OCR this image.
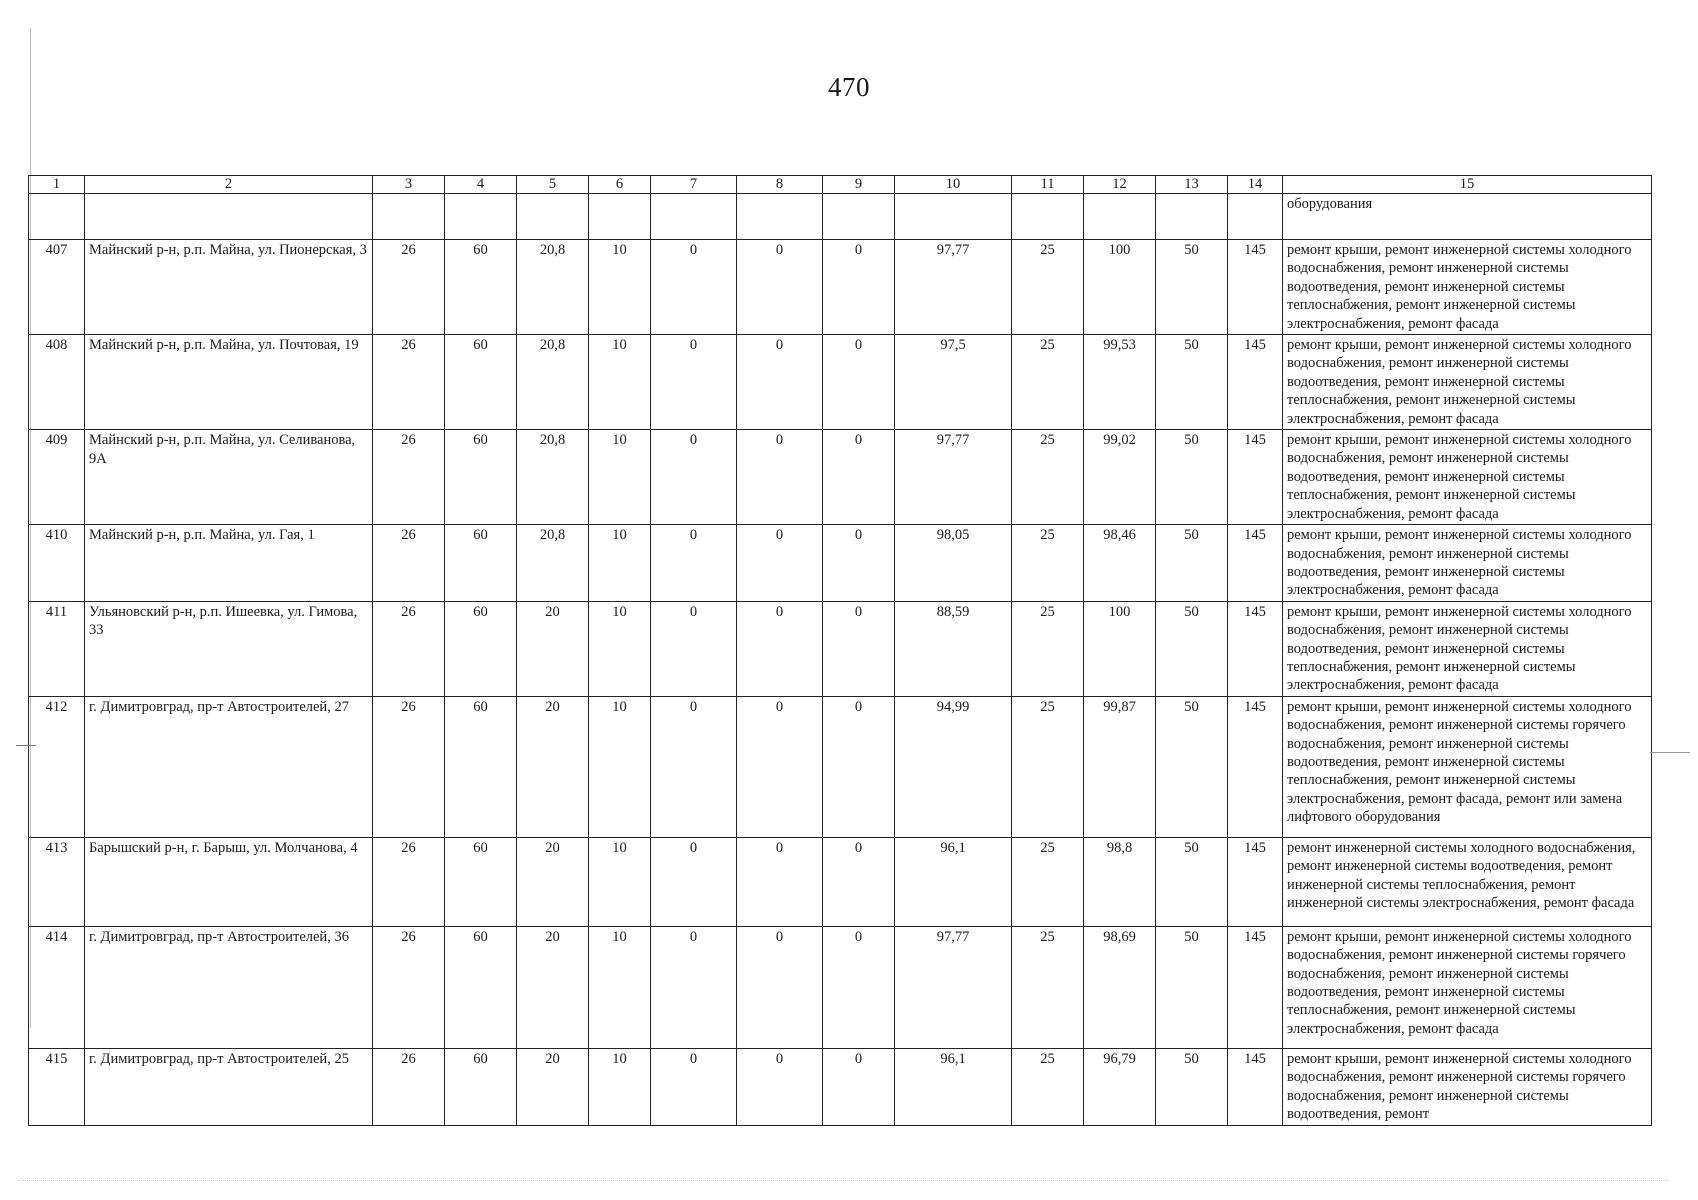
470
1	2	3	4	5	6	7	8	9	10	11	12	13	14	15
														оборудования
407	Майнский р-н, р.п. Майна, ул. Пионерская, 3	26	60	20,8	10	0	0	0	97,77	25	100	50	145	ремонт крыши, ремонт инженерной системы холодного водоснабжения, ремонт инженерной системы водоотведения, ремонт инженерной системы теплоснабжения, ремонт инженерной системы электроснабжения, ремонт фасада
408	Майнский р-н, р.п. Майна, ул. Почтовая, 19	26	60	20,8	10	0	0	0	97,5	25	99,53	50	145	ремонт крыши, ремонт инженерной системы холодного водоснабжения, ремонт инженерной системы водоотведения, ремонт инженерной системы теплоснабжения, ремонт инженерной системы электроснабжения, ремонт фасада
409	Майнский р-н, р.п. Майна, ул. Селиванова, 9А	26	60	20,8	10	0	0	0	97,77	25	99,02	50	145	ремонт крыши, ремонт инженерной системы холодного водоснабжения, ремонт инженерной системы водоотведения, ремонт инженерной системы теплоснабжения, ремонт инженерной системы электроснабжения, ремонт фасада
410	Майнский р-н, р.п. Майна, ул. Гая, 1	26	60	20,8	10	0	0	0	98,05	25	98,46	50	145	ремонт крыши, ремонт инженерной системы холодного водоснабжения, ремонт инженерной системы водоотведения, ремонт инженерной системы электроснабжения, ремонт фасада
411	Ульяновский р-н, р.п. Ишеевка, ул. Гимова, 33	26	60	20	10	0	0	0	88,59	25	100	50	145	ремонт крыши, ремонт инженерной системы холодного водоснабжения, ремонт инженерной системы водоотведения, ремонт инженерной системы теплоснабжения, ремонт инженерной системы электроснабжения, ремонт фасада
412	г. Димитровград, пр-т Автостроителей, 27	26	60	20	10	0	0	0	94,99	25	99,87	50	145	ремонт крыши, ремонт инженерной системы холодного водоснабжения, ремонт инженерной системы горячего водоснабжения, ремонт инженерной системы водоотведения, ремонт инженерной системы теплоснабжения, ремонт инженерной системы электроснабжения, ремонт фасада, ремонт или замена лифтового оборудования
413	Барышский р-н, г. Барыш, ул. Молчанова, 4	26	60	20	10	0	0	0	96,1	25	98,8	50	145	ремонт инженерной системы холодного водоснабжения, ремонт инженерной системы водоотведения, ремонт инженерной системы теплоснабжения, ремонт инженерной системы электроснабжения, ремонт фасада
414	г. Димитровград, пр-т Автостроителей, 36	26	60	20	10	0	0	0	97,77	25	98,69	50	145	ремонт крыши, ремонт инженерной системы холодного водоснабжения, ремонт инженерной системы горячего водоснабжения, ремонт инженерной системы водоотведения, ремонт инженерной системы теплоснабжения, ремонт инженерной системы электроснабжения, ремонт фасада
415	г. Димитровград, пр-т Автостроителей, 25	26	60	20	10	0	0	0	96,1	25	96,79	50	145	ремонт крыши, ремонт инженерной системы холодного водоснабжения, ремонт инженерной системы горячего водоснабжения, ремонт инженерной системы водоотведения, ремонт
